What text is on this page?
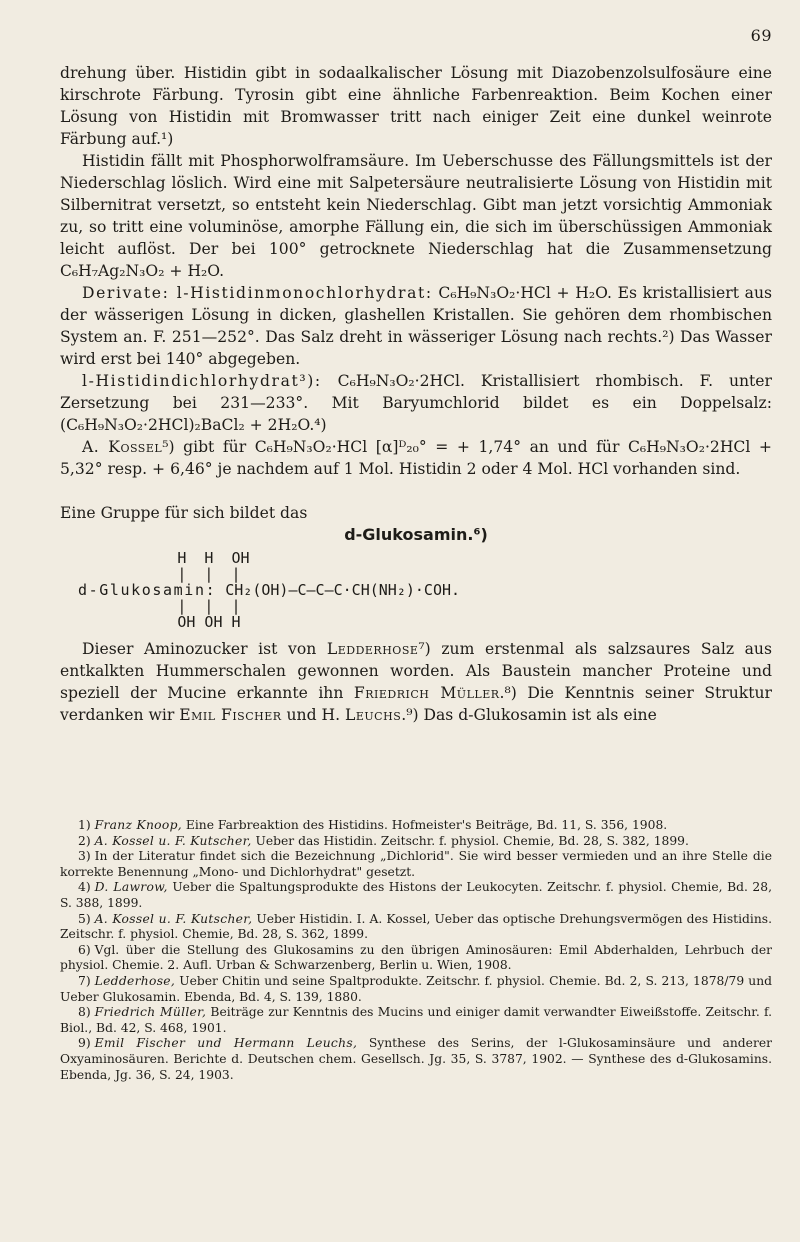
69

drehung über. Histidin gibt in sodaalkalischer Lösung mit Diazobenzolsulfosäure eine kirschrote Färbung. Tyrosin gibt eine ähnliche Farbenreaktion. Beim Kochen einer Lösung von Histidin mit Bromwasser tritt nach einiger Zeit eine dunkel weinrote Färbung auf.¹)

Histidin fällt mit Phosphorwolframsäure. Im Ueberschusse des Fällungsmittels ist der Niederschlag löslich. Wird eine mit Salpetersäure neutralisierte Lösung von Histidin mit Silbernitrat versetzt, so entsteht kein Niederschlag. Gibt man jetzt vorsichtig Ammoniak zu, so tritt eine voluminöse, amorphe Fällung ein, die sich im überschüssigen Ammoniak leicht auflöst. Der bei 100° getrocknete Niederschlag hat die Zusammensetzung C₆H₇Ag₂N₃O₂ + H₂O.

Derivate: l-Histidinmonochlorhydrat: C₆H₉N₃O₂·HCl + H₂O. Es kristallisiert aus der wässerigen Lösung in dicken, glashellen Kristallen. Sie gehören dem rhombischen System an. F. 251—252°. Das Salz dreht in wässeriger Lösung nach rechts.²) Das Wasser wird erst bei 140° abgegeben.

l-Histidindichlorhydrat³): C₆H₉N₃O₂·2HCl. Kristallisiert rhombisch. F. unter Zersetzung bei 231—233°. Mit Baryumchlorid bildet es ein Doppelsalz: (C₆H₉N₃O₂·2HCl)₂BaCl₂ + 2H₂O.⁴)

A. Kossel⁵) gibt für C₆H₉N₃O₂·HCl [α]ᴰ₂₀° = + 1,74° an und für C₆H₉N₃O₂·2HCl + 5,32° resp. + 6,46° je nachdem auf 1 Mol. Histidin 2 oder 4 Mol. HCl vorhanden sind.

Eine Gruppe für sich bildet das

d-Glukosamin.⁶)
H  H  OH
|  |  |
d-Glukosamin: CH₂(OH)—C—C—C·CH(NH₂)·COH.
|  |  |
OH OH H

Dieser Aminozucker ist von Ledderhose⁷) zum erstenmal als salzsaures Salz aus entkalkten Hummerschalen gewonnen worden. Als Baustein mancher Proteine und speziell der Mucine erkannte ihn Friedrich Müller.⁸) Die Kenntnis seiner Struktur verdanken wir Emil Fischer und H. Leuchs.⁹) Das d-Glukosamin ist als eine

1) Franz Knoop, Eine Farbreaktion des Histidins. Hofmeister's Beiträge, Bd. 11, S. 356, 1908.

2) A. Kossel u. F. Kutscher, Ueber das Histidin. Zeitschr. f. physiol. Chemie, Bd. 28, S. 382, 1899.

3) In der Literatur findet sich die Bezeichnung „Dichlorid". Sie wird besser vermieden und an ihre Stelle die korrekte Benennung „Mono- und Dichlorhydrat" gesetzt.

4) D. Lawrow, Ueber die Spaltungsprodukte des Histons der Leukocyten. Zeitschr. f. physiol. Chemie, Bd. 28, S. 388, 1899.

5) A. Kossel u. F. Kutscher, Ueber Histidin. I. A. Kossel, Ueber das optische Drehungsvermögen des Histidins. Zeitschr. f. physiol. Chemie, Bd. 28, S. 362, 1899.

6) Vgl. über die Stellung des Glukosamins zu den übrigen Aminosäuren: Emil Abderhalden, Lehrbuch der physiol. Chemie. 2. Aufl. Urban & Schwarzenberg, Berlin u. Wien, 1908.

7) Ledderhose, Ueber Chitin und seine Spaltprodukte. Zeitschr. f. physiol. Chemie. Bd. 2, S. 213, 1878/79 und Ueber Glukosamin. Ebenda, Bd. 4, S. 139, 1880.

8) Friedrich Müller, Beiträge zur Kenntnis des Mucins und einiger damit verwandter Eiweißstoffe. Zeitschr. f. Biol., Bd. 42, S. 468, 1901.

9) Emil Fischer und Hermann Leuchs, Synthese des Serins, der l-Glukosaminsäure und anderer Oxyaminosäuren. Berichte d. Deutschen chem. Gesellsch. Jg. 35, S. 3787, 1902. — Synthese des d-Glukosamins. Ebenda, Jg. 36, S. 24, 1903.
